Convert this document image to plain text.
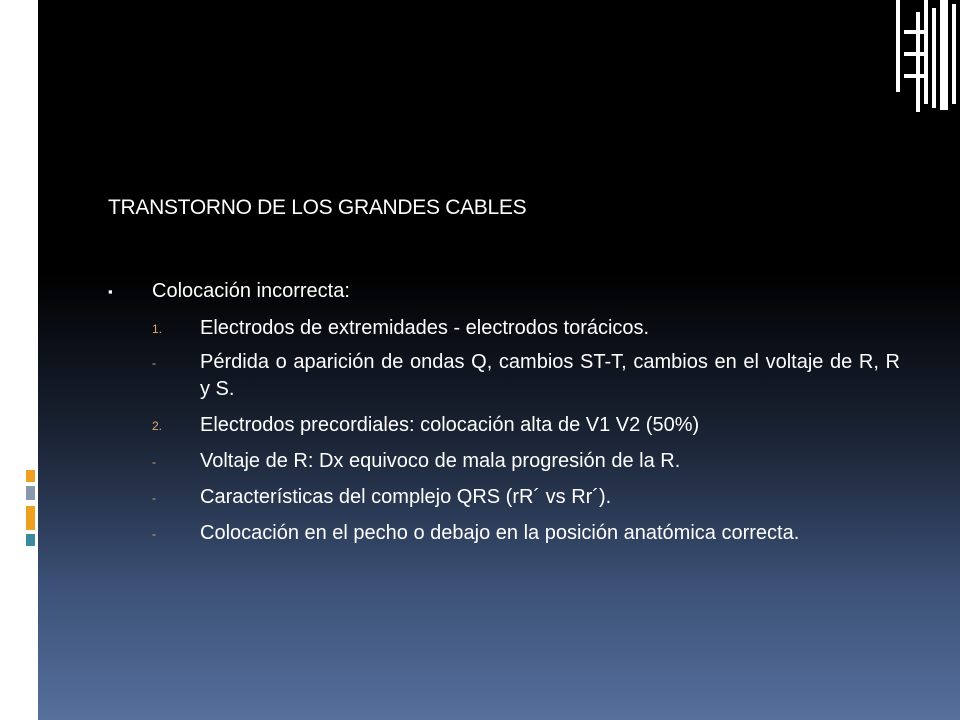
TRANSTORNO DE LOS GRANDES CABLES
▪ Colocación incorrecta:
1.	Electrodos de extremidades - electrodos torácicos.
-	Pérdida o aparición de ondas Q, cambios ST-T, cambios en el voltaje de R, R y S.
2.	Electrodos precordiales: colocación alta de V1 V2 (50%)
-	Voltaje de R: Dx equivoco de mala progresión de la R.
-	Características del complejo QRS (rR´ vs Rr´).
-	Colocación en el pecho o debajo en la posición anatómica correcta.
